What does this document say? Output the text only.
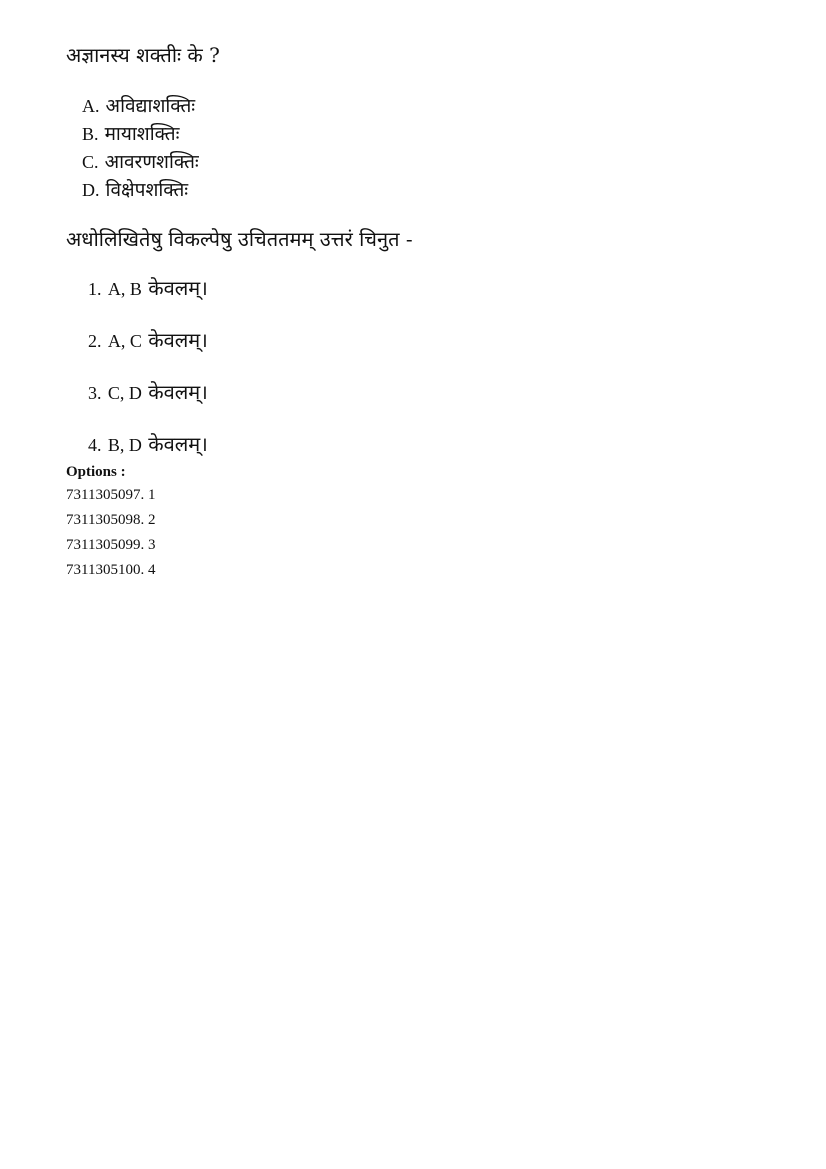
अज्ञानस्य शक्तीः के ?
A. अविद्याशक्तिः
B. मायाशक्तिः
C. आवरणशक्तिः
D. विक्षेपशक्तिः
अधोलिखितेषु विकल्पेषु उचिततमम् उत्तरं चिनुत -
1. A, B केवलम्।
2. A, C केवलम्।
3. C, D केवलम्।
4. B, D केवलम्।
Options :
7311305097. 1
7311305098. 2
7311305099. 3
7311305100. 4
